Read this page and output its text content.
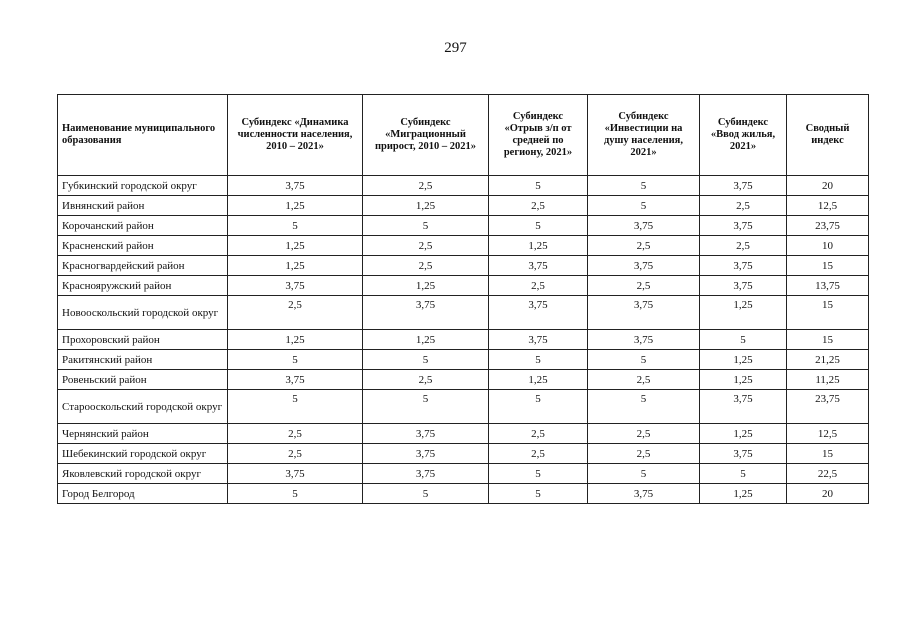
297
Наименование муниципального образования	Субиндекс «Динамика численности населения, 2010 – 2021»	Субиндекс «Миграционный прирост, 2010 – 2021»	Субиндекс «Отрыв з/п от средней по региону, 2021»	Субиндекс «Инвестиции на душу населения, 2021»	Субиндекс «Ввод жилья, 2021»	Сводный индекс
Губкинский городской округ	3,75	2,5	5	5	3,75	20
Ивнянский район	1,25	1,25	2,5	5	2,5	12,5
Корочанский район	5	5	5	3,75	3,75	23,75
Красненский район	1,25	2,5	1,25	2,5	2,5	10
Красногвардейский район	1,25	2,5	3,75	3,75	3,75	15
Краснояружский район	3,75	1,25	2,5	2,5	3,75	13,75
Новооскольский городской округ	2,5	3,75	3,75	3,75	1,25	15
Прохоровский район	1,25	1,25	3,75	3,75	5	15
Ракитянский район	5	5	5	5	1,25	21,25
Ровеньский район	3,75	2,5	1,25	2,5	1,25	11,25
Старооскольский городской округ	5	5	5	5	3,75	23,75
Чернянский район	2,5	3,75	2,5	2,5	1,25	12,5
Шебекинский городской округ	2,5	3,75	2,5	2,5	3,75	15
Яковлевский городской округ	3,75	3,75	5	5	5	22,5
Город Белгород	5	5	5	3,75	1,25	20
